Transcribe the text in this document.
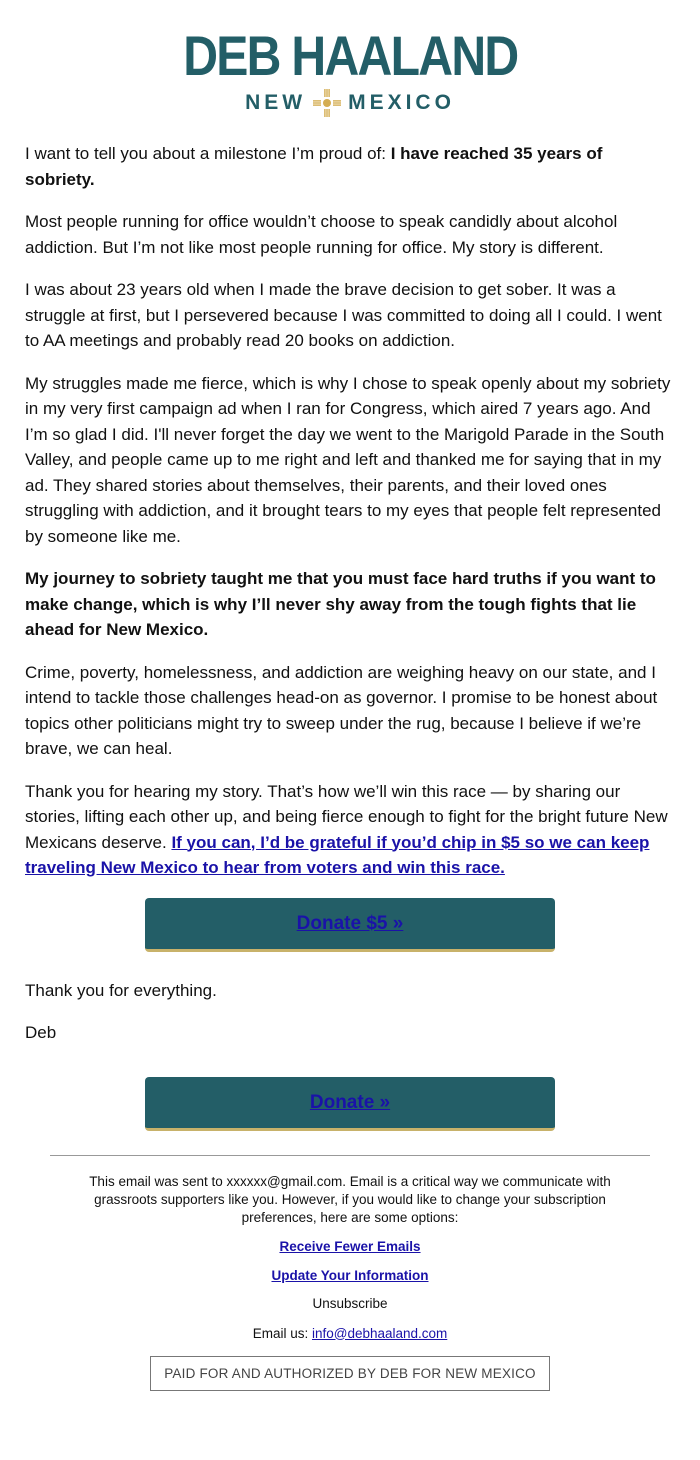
DEB HAALAND
NEW MEXICO

I want to tell you about a milestone I’m proud of: I have reached 35 years of sobriety.

Most people running for office wouldn’t choose to speak candidly about alcohol addiction. But I’m not like most people running for office. My story is different.

I was about 23 years old when I made the brave decision to get sober. It was a struggle at first, but I persevered because I was committed to doing all I could. I went to AA meetings and probably read 20 books on addiction.

My struggles made me fierce, which is why I chose to speak openly about my sobriety in my very first campaign ad when I ran for Congress, which aired 7 years ago. And I’m so glad I did. I'll never forget the day we went to the Marigold Parade in the South Valley, and people came up to me right and left and thanked me for saying that in my ad. They shared stories about themselves, their parents, and their loved ones struggling with addiction, and it brought tears to my eyes that people felt represented by someone like me.

My journey to sobriety taught me that you must face hard truths if you want to make change, which is why I’ll never shy away from the tough fights that lie ahead for New Mexico.

Crime, poverty, homelessness, and addiction are weighing heavy on our state, and I intend to tackle those challenges head-on as governor. I promise to be honest about topics other politicians might try to sweep under the rug, because I believe if we’re brave, we can heal.

Thank you for hearing my story. That’s how we’ll win this race — by sharing our stories, lifting each other up, and being fierce enough to fight for the bright future New Mexicans deserve. If you can, I’d be grateful if you’d chip in $5 so we can keep traveling New Mexico to hear from voters and win this race.

Donate $5 »

Thank you for everything.

Deb

Donate »
This email was sent to xxxxxx@gmail.com. Email is a critical way we communicate with grassroots supporters like you. However, if you would like to change your subscription preferences, here are some options:
Receive Fewer Emails
Update Your Information
Unsubscribe
Email us: info@debhaaland.com
PAID FOR AND AUTHORIZED BY DEB FOR NEW MEXICO
